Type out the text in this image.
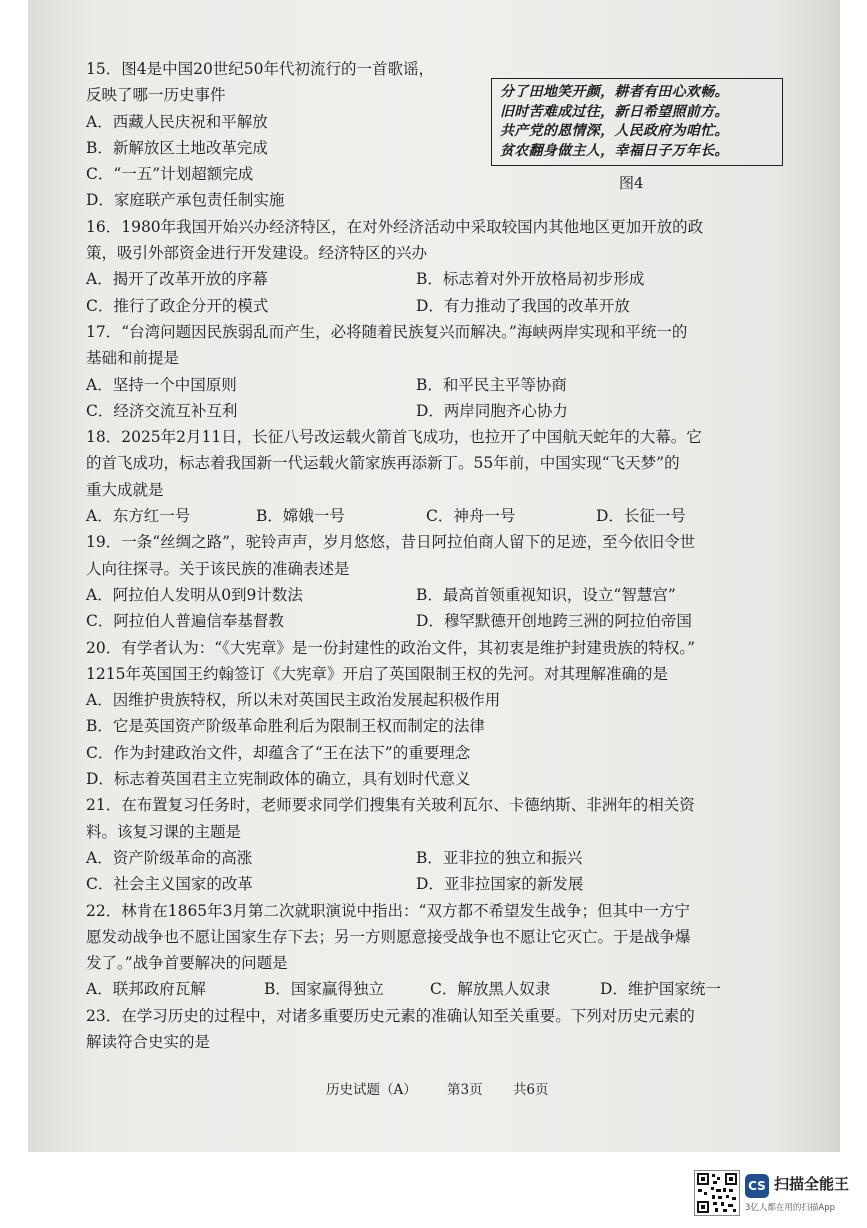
15．图4是中国20世纪50年代初流行的一首歌谣，
反映了哪一历史事件
A．西藏人民庆祝和平解放
B．新解放区土地改革完成
C．“一五”计划超额完成
D．家庭联产承包责任制实施
16．1980年我国开始兴办经济特区，在对外经济活动中采取较国内其他地区更加开放的政
策，吸引外部资金进行开发建设。经济特区的兴办
A．揭开了改革开放的序幕	B．标志着对外开放格局初步形成
C．推行了政企分开的模式	D．有力推动了我国的改革开放
17．“台湾问题因民族弱乱而产生，必将随着民族复兴而解决。”海峡两岸实现和平统一的
基础和前提是
A．坚持一个中国原则	B．和平民主平等协商
C．经济交流互补互利	D．两岸同胞齐心协力
18．2025年2月11日，长征八号改运载火箭首飞成功，也拉开了中国航天蛇年的大幕。它
的首飞成功，标志着我国新一代运载火箭家族再添新丁。55年前，中国实现“飞天梦”的
重大成就是
A．东方红一号	B．嫦娥一号	C．神舟一号	D．长征一号
19．一条“丝绸之路”，驼铃声声，岁月悠悠，昔日阿拉伯商人留下的足迹，至今依旧令世
人向往探寻。关于该民族的准确表述是
A．阿拉伯人发明从0到9计数法	B．最高首领重视知识，设立“智慧宫”
C．阿拉伯人普遍信奉基督教	D．穆罕默德开创地跨三洲的阿拉伯帝国
20．有学者认为：“《大宪章》是一份封建性的政治文件，其初衷是维护封建贵族的特权。”
1215年英国国王约翰签订《大宪章》开启了英国限制王权的先河。对其理解准确的是
A．因维护贵族特权，所以未对英国民主政治发展起积极作用
B．它是英国资产阶级革命胜利后为限制王权而制定的法律
C．作为封建政治文件，却蕴含了“王在法下”的重要理念
D．标志着英国君主立宪制政体的确立，具有划时代意义
21．在布置复习任务时，老师要求同学们搜集有关玻利瓦尔、卡德纳斯、非洲年的相关资
料。该复习课的主题是
A．资产阶级革命的高涨	B．亚非拉的独立和振兴
C．社会主义国家的改革	D．亚非拉国家的新发展
22．林肯在1865年3月第二次就职演说中指出：“双方都不希望发生战争；但其中一方宁
愿发动战争也不愿让国家生存下去；另一方则愿意接受战争也不愿让它灭亡。于是战争爆
发了。”战争首要解决的问题是
A．联邦政府瓦解	B．国家赢得独立	C．解放黑人奴隶	D．维护国家统一
23．在学习历史的过程中，对诸多重要历史元素的准确认知至关重要。下列对历史元素的
解读符合史实的是
分了田地笑开颜，耕者有田心欢畅。
旧时苦难成过往，新日希望照前方。
共产党的恩情深，人民政府为咱忙。
贫农翻身做主人，幸福日子万年长。
图4
历史试题（A） 第3页 共6页
CS 扫描全能王
3亿人都在用的扫描App
